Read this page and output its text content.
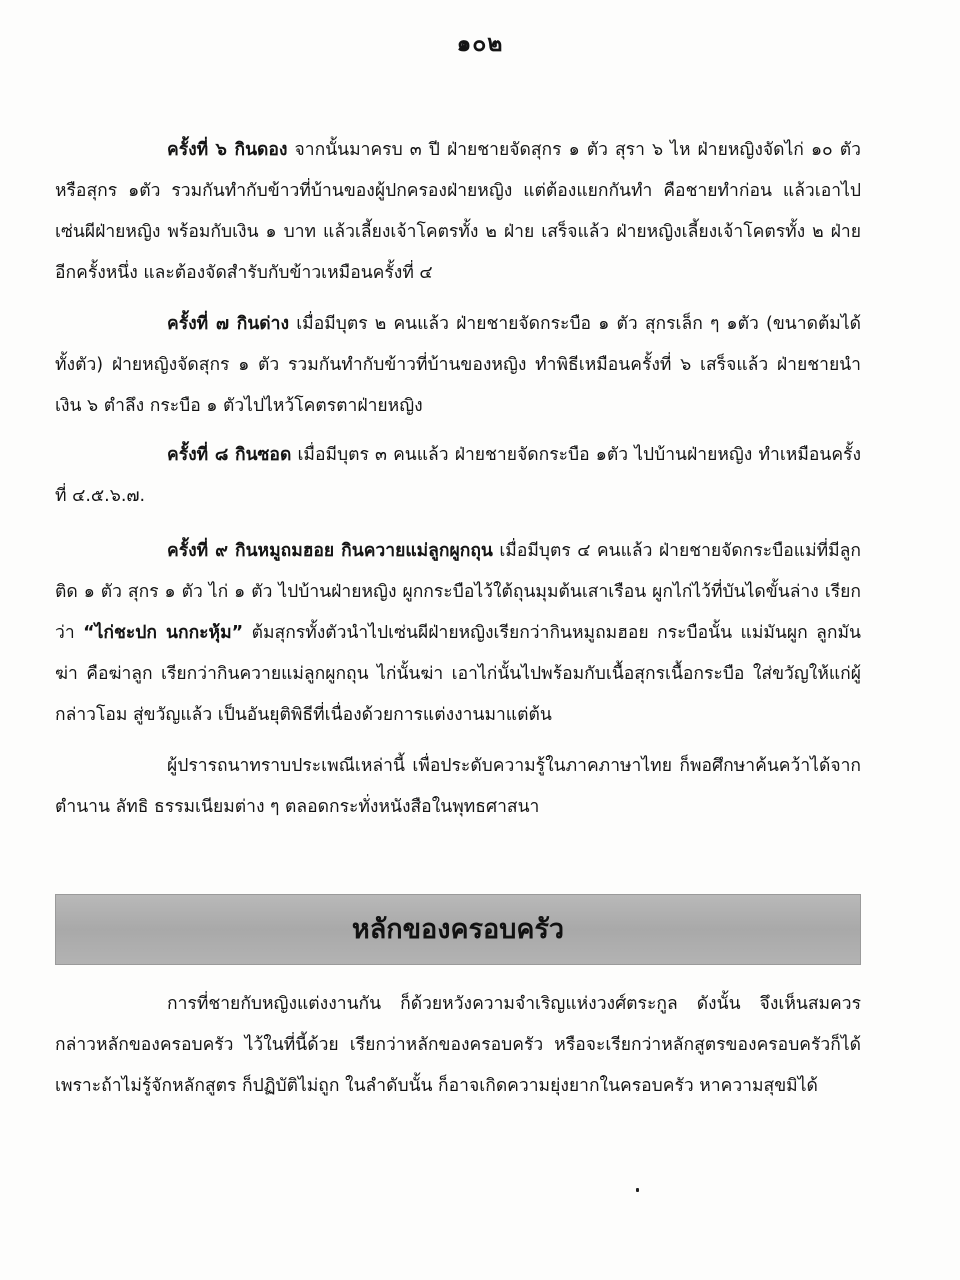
๑๐๒

ครั้งที่ ๖ กินดอง จากนั้นมาครบ ๓ ปี ฝ่ายชายจัดสุกร ๑ ตัว สุรา ๖ ไห ฝ่ายหญิงจัดไก่ ๑๐ ตัว หรือสุกร ๑ตัว รวมกันทำกับข้าวที่บ้านของผู้ปกครองฝ่ายหญิง แต่ต้องแยกกันทำ คือชายทำก่อน แล้วเอาไปเซ่นผีฝ่ายหญิง พร้อมกับเงิน ๑ บาท แล้วเลี้ยงเจ้าโคตรทั้ง ๒ ฝ่าย เสร็จแล้ว ฝ่ายหญิงเลี้ยงเจ้าโคตรทั้ง ๒ ฝ่าย อีกครั้งหนึ่ง และต้องจัดสำรับกับข้าวเหมือนครั้งที่ ๔

ครั้งที่ ๗ กินด่าง เมื่อมีบุตร ๒ คนแล้ว ฝ่ายชายจัดกระบือ ๑ ตัว สุกรเล็ก ๆ ๑ตัว (ขนาดต้มได้ทั้งตัว) ฝ่ายหญิงจัดสุกร ๑ ตัว รวมกันทำกับข้าวที่บ้านของหญิง ทำพิธีเหมือนครั้งที่ ๖ เสร็จแล้ว ฝ่ายชายนำเงิน ๖ ตำลึง กระบือ ๑ ตัวไปไหว้โคตรตาฝ่ายหญิง

ครั้งที่ ๘ กินซอด เมื่อมีบุตร ๓ คนแล้ว ฝ่ายชายจัดกระบือ ๑ตัว ไปบ้านฝ่ายหญิง ทำเหมือนครั้งที่ ๔.๕.๖.๗.

ครั้งที่ ๙ กินหมูถมฮอย กินควายแม่ลูกผูกถุน เมื่อมีบุตร ๔ คนแล้ว ฝ่ายชายจัดกระบือแม่ที่มีลูกติด ๑ ตัว สุกร ๑ ตัว ไก่ ๑ ตัว ไปบ้านฝ่ายหญิง ผูกกระบือไว้ใต้ถุนมุมต้นเสาเรือน ผูกไก่ไว้ที่บันไดขั้นล่าง เรียกว่า “ไก่ชะปก นกกะหุ้ม” ต้มสุกรทั้งตัวนำไปเซ่นผีฝ่ายหญิงเรียกว่ากินหมูถมฮอย กระบือนั้น แม่มันผูก ลูกมันฆ่า คือฆ่าลูก เรียกว่ากินควายแม่ลูกผูกถุน ไก่นั้นฆ่า เอาไก่นั้นไปพร้อมกับเนื้อสุกรเนื้อกระบือ ใส่ขวัญให้แก่ผู้กล่าวโอม สู่ขวัญแล้ว เป็นอันยุติพิธีที่เนื่องด้วยการแต่งงานมาแต่ต้น

ผู้ปรารถนาทราบประเพณีเหล่านี้ เพื่อประดับความรู้ในภาคภาษาไทย ก็พอศึกษาค้นคว้าได้จากตำนาน ลัทธิ ธรรมเนียมต่าง ๆ ตลอดกระทั่งหนังสือในพุทธศาสนา

หลักของครอบครัว

การที่ชายกับหญิงแต่งงานกัน ก็ด้วยหวังความจำเริญแห่งวงศ์ตระกูล ดังนั้น จึงเห็นสมควรกล่าวหลักของครอบครัว ไว้ในที่นี้ด้วย เรียกว่าหลักของครอบครัว หรือจะเรียกว่าหลักสูตรของครอบครัวก็ได้ เพราะถ้าไม่รู้จักหลักสูตร ก็ปฏิบัติไม่ถูก ในลำดับนั้น ก็อาจเกิดความยุ่งยากในครอบครัว หาความสุขมิได้
